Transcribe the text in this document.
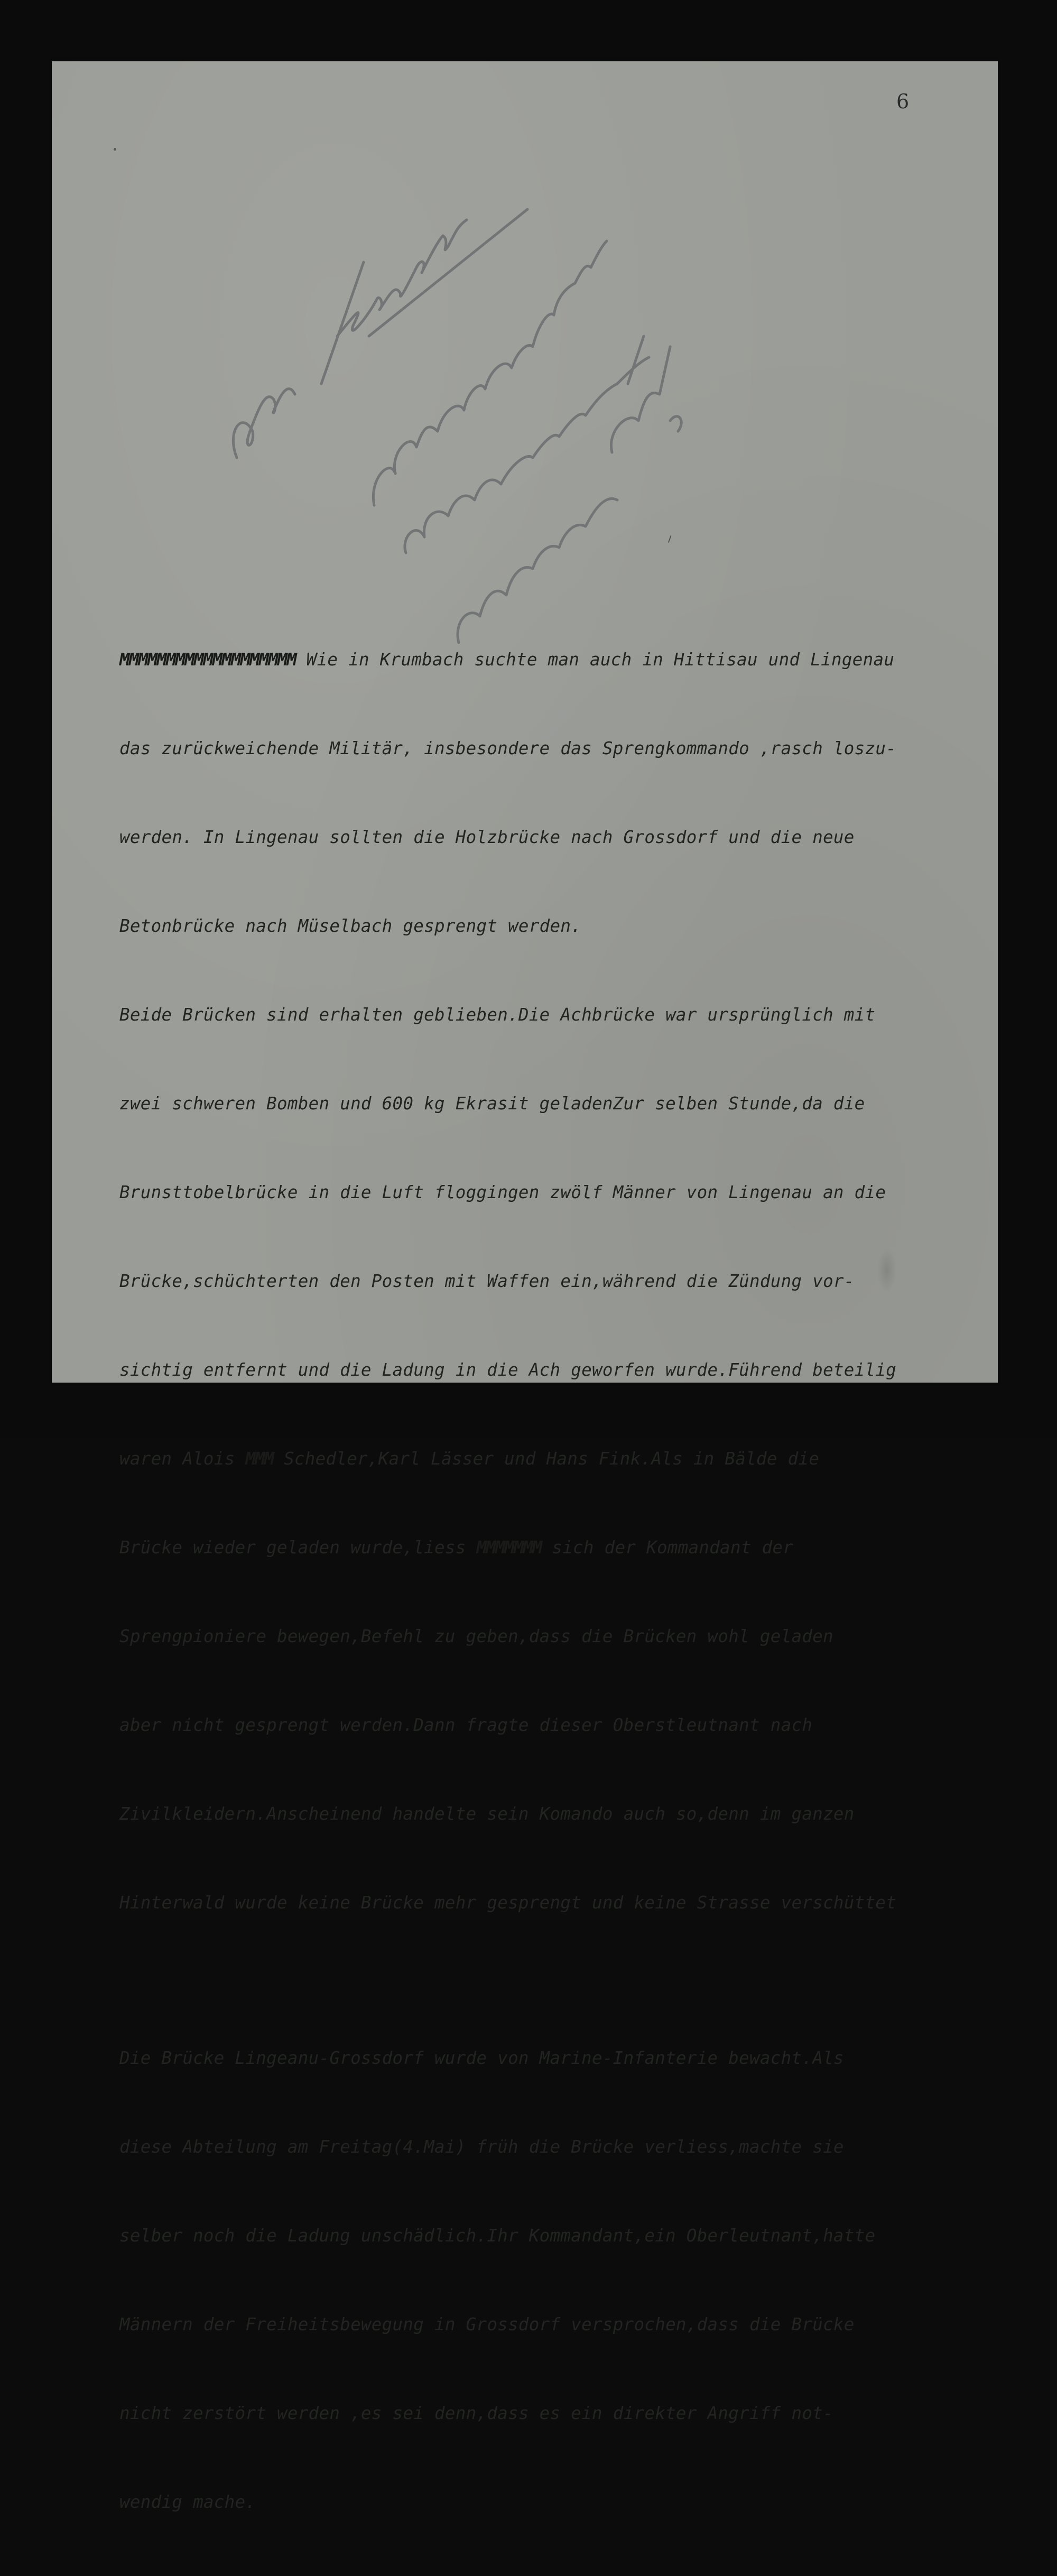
6

MMMMMMMMMMMMMMMMMMM Wie in Krumbach suchte man auch in Hittisau und Lingenau

das zurückweichende Militär, insbesondere das Sprengkommando ,rasch loszu-

werden. In Lingenau sollten die Holzbrücke nach Grossdorf und die neue

Betonbrücke nach Müselbach gesprengt werden.

Beide Brücken sind erhalten geblieben.Die Achbrücke war ursprünglich mit

zwei schweren Bomben und 600 kg Ekrasit geladenZur selben Stunde,da die

Brunsttobelbrücke in die Luft floggingen zwölf Männer von Lingenau an die

Brücke,schüchterten den Posten mit Waffen ein,während die Zündung vor-

sichtig entfernt und die Ladung in die Ach geworfen wurde.Führend beteilig

waren Alois MMM Schedler,Karl Lässer und Hans Fink.Als in Bälde die

Brücke wieder geladen wurde,liess MMMMMMM sich der Kommandant der

Sprengpioniere bewegen,Befehl zu geben,dass die Brücken wohl geladen

aber nicht gesprengt werden.Dann fragte dieser Oberstleutnant nach

Zivilkleidern.Anscheinend handelte sein Komando auch so,denn im ganzen

Hinterwald wurde keine Brücke mehr gesprengt und keine Strasse verschüttet

Die Brücke Lingeanu-Grossdorf wurde von Marine-Infanterie bewacht.Als

diese Abteilung am Freitag(4.Mai) früh die Brücke verliess,machte sie

selber noch die Ladung unschädlich.Ihr Kommandant,ein Oberleutnant,hatte

Männern der Freiheitsbewegung in Grossdorf versprochen,dass die Brücke

nicht zerstört werden ,es sei denn,dass es ein direkter Angriff not-

wendig mache.
